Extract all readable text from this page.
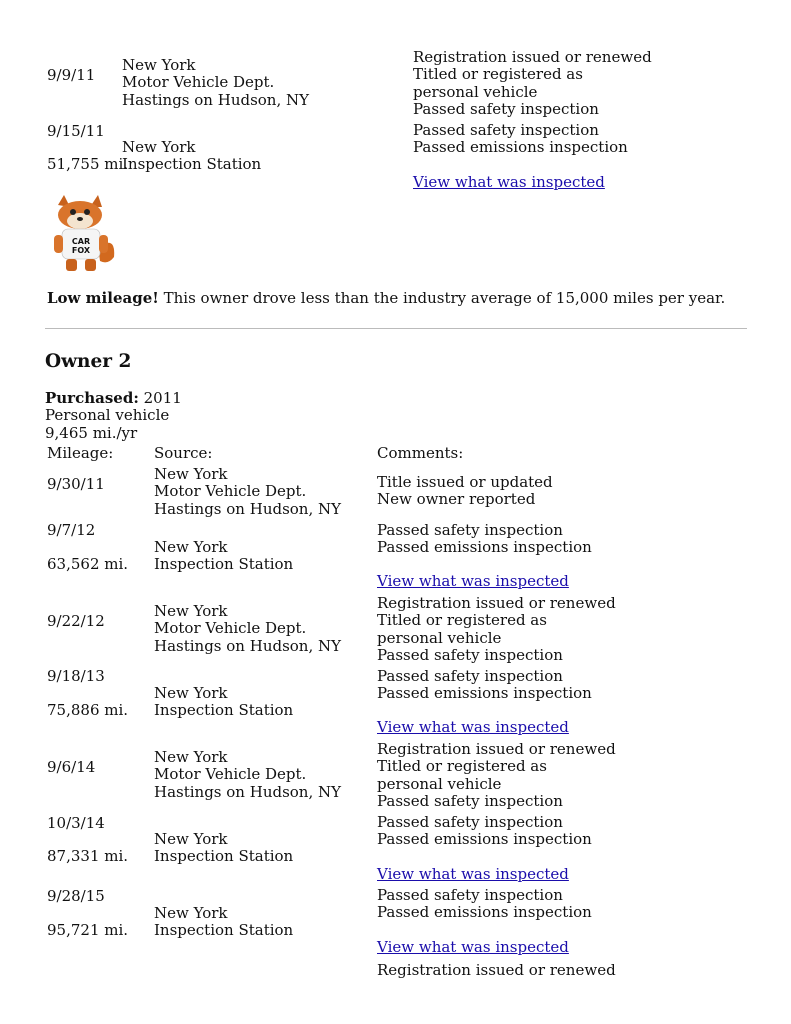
9/9/11
New York
Motor Vehicle Dept.
Hastings on Hudson, NY
Registration issued or renewed
Titled or registered as
personal vehicle
Passed safety inspection
9/15/11
51,755 mi.
New York
Inspection Station
Passed safety inspection
Passed emissions inspection
View what was inspected
CAR
FOX
Low mileage! This owner drove less than the industry average of 15,000 miles per year.
Owner 2
Purchased: 2011
Personal vehicle
9,465 mi./yr
Mileage:	Source:	Comments:
9/30/11
New York
Motor Vehicle Dept.
Hastings on Hudson, NY
Title issued or updated
New owner reported
9/7/12
63,562 mi.
New York
Inspection Station
Passed safety inspection
Passed emissions inspection
View what was inspected
9/22/12
New York
Motor Vehicle Dept.
Hastings on Hudson, NY
Registration issued or renewed
Titled or registered as
personal vehicle
Passed safety inspection
9/18/13
75,886 mi.
New York
Inspection Station
Passed safety inspection
Passed emissions inspection
View what was inspected
9/6/14
New York
Motor Vehicle Dept.
Hastings on Hudson, NY
Registration issued or renewed
Titled or registered as
personal vehicle
Passed safety inspection
10/3/14
87,331 mi.
New York
Inspection Station
Passed safety inspection
Passed emissions inspection
View what was inspected
9/28/15
95,721 mi.
New York
Inspection Station
Passed safety inspection
Passed emissions inspection
View what was inspected
Registration issued or renewed
